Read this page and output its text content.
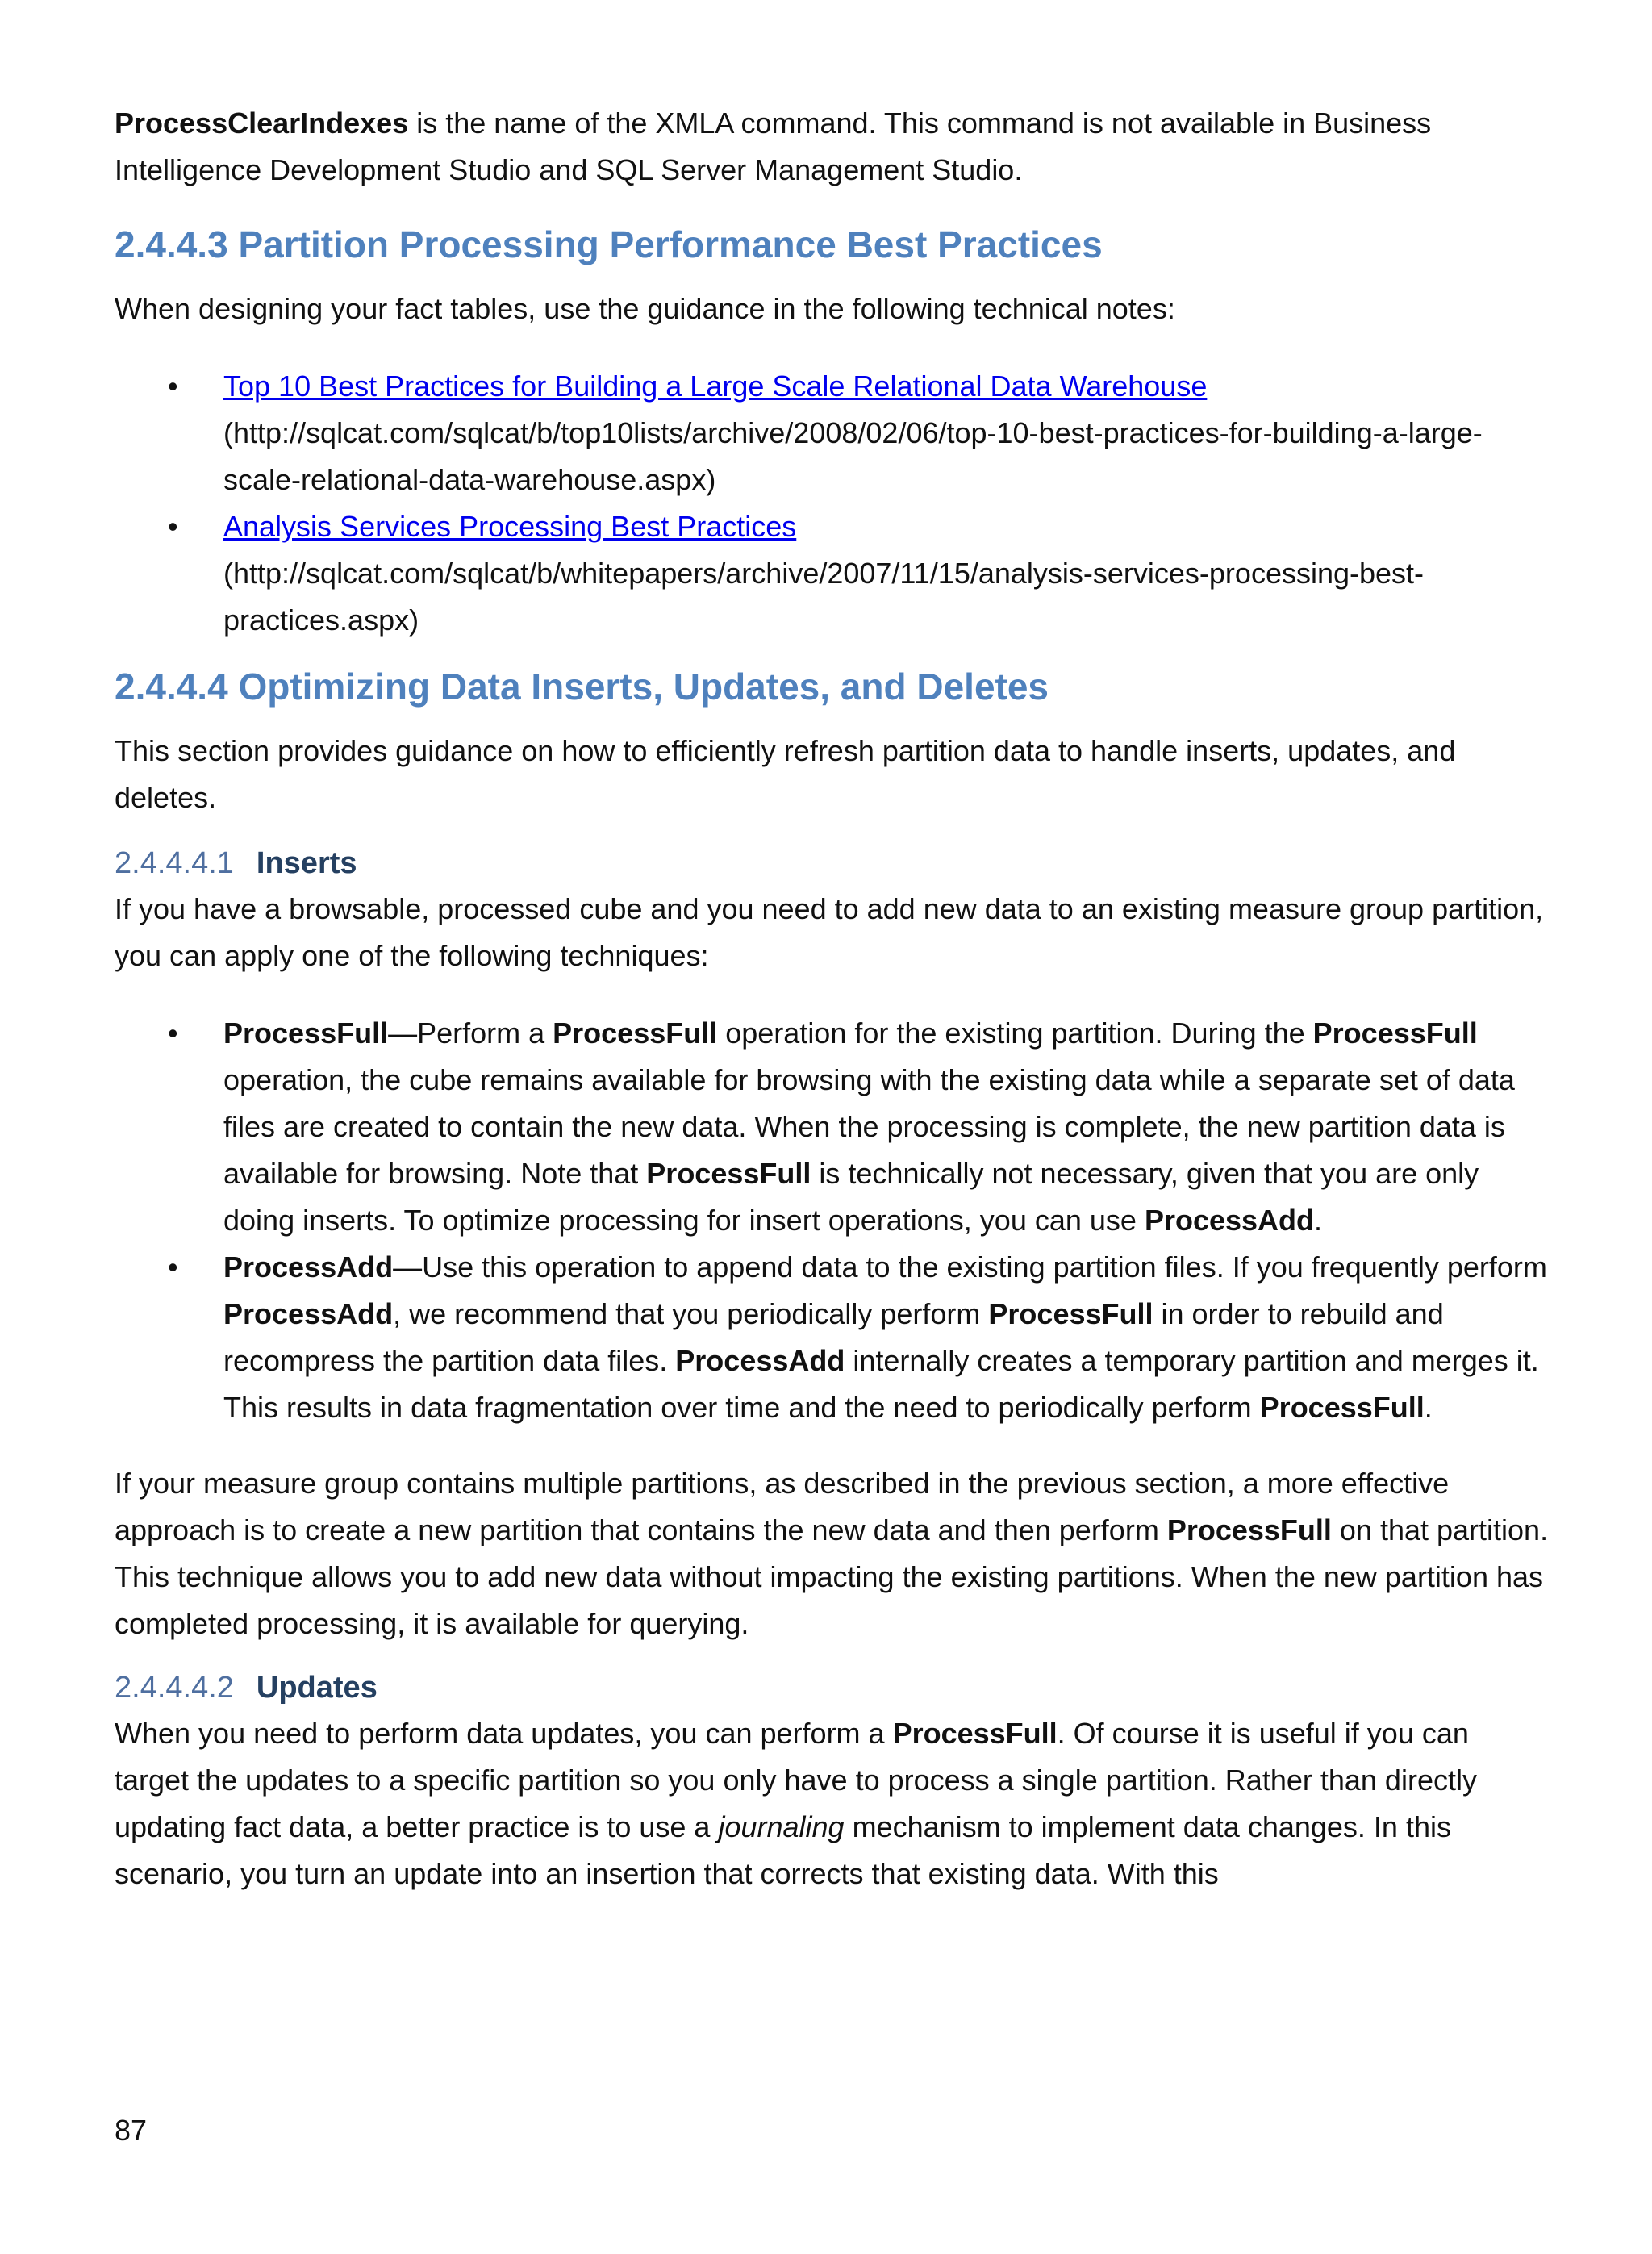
ProcessClearIndexes is the name of the XMLA command. This command is not available in Business Intelligence Development Studio and SQL Server Management Studio.

2.4.4.3 Partition Processing Performance Best Practices

When designing your fact tables, use the guidance in the following technical notes:

• Top 10 Best Practices for Building a Large Scale Relational Data Warehouse
(http://sqlcat.com/sqlcat/b/top10lists/archive/2008/02/06/top-10-best-practices-for-building-a-large-scale-relational-data-warehouse.aspx)
• Analysis Services Processing Best Practices
(http://sqlcat.com/sqlcat/b/whitepapers/archive/2007/11/15/analysis-services-processing-best-practices.aspx)
2.4.4.4 Optimizing Data Inserts, Updates, and Deletes

This section provides guidance on how to efficiently refresh partition data to handle inserts, updates, and deletes.

2.4.4.4.1 Inserts

If you have a browsable, processed cube and you need to add new data to an existing measure group partition, you can apply one of the following techniques:

• ProcessFull—Perform a ProcessFull operation for the existing partition. During the ProcessFull operation, the cube remains available for browsing with the existing data while a separate set of data files are created to contain the new data. When the processing is complete, the new partition data is available for browsing. Note that ProcessFull is technically not necessary, given that you are only doing inserts. To optimize processing for insert operations, you can use ProcessAdd.
• ProcessAdd—Use this operation to append data to the existing partition files. If you frequently perform ProcessAdd, we recommend that you periodically perform ProcessFull in order to rebuild and recompress the partition data files. ProcessAdd internally creates a temporary partition and merges it. This results in data fragmentation over time and the need to periodically perform ProcessFull.

If your measure group contains multiple partitions, as described in the previous section, a more effective approach is to create a new partition that contains the new data and then perform ProcessFull on that partition. This technique allows you to add new data without impacting the existing partitions. When the new partition has completed processing, it is available for querying.

2.4.4.4.2 Updates

When you need to perform data updates, you can perform a ProcessFull. Of course it is useful if you can target the updates to a specific partition so you only have to process a single partition. Rather than directly updating fact data, a better practice is to use a journaling mechanism to implement data changes. In this scenario, you turn an update into an insertion that corrects that existing data. With this

87
